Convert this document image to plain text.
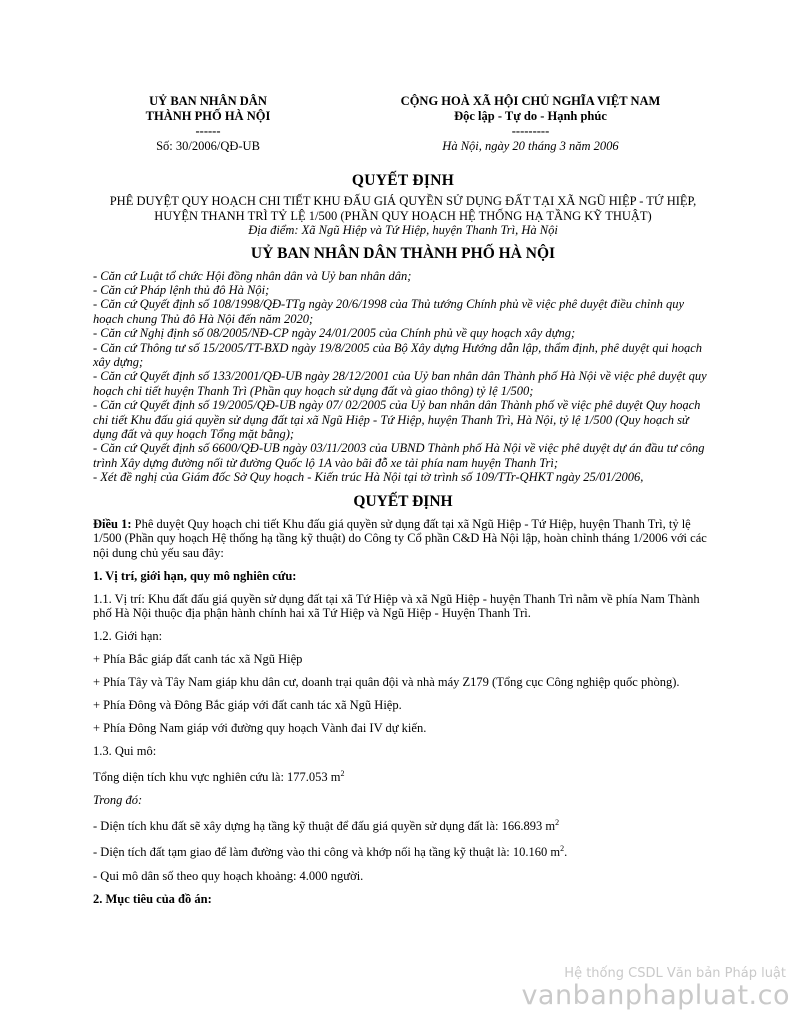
UỶ BAN NHÂN DÂN
THÀNH PHỐ HÀ NỘI
------
Số: 30/2006/QĐ-UB
CỘNG HOÀ XÃ HỘI CHỦ NGHĨA VIỆT NAM
Độc lập - Tự do - Hạnh phúc
---------
Hà Nội, ngày 20 tháng 3 năm 2006
QUYẾT ĐỊNH
PHÊ DUYỆT QUY HOẠCH CHI TIẾT KHU ĐẤU GIÁ QUYỀN SỬ DỤNG ĐẤT TẠI XÃ NGŨ HIỆP - TỨ HIỆP, HUYỆN THANH TRÌ TỶ LỆ 1/500 (PHẦN QUY HOẠCH HỆ THỐNG HẠ TẦNG KỸ THUẬT)
Địa điểm: Xã Ngũ Hiệp và Tứ Hiệp, huyện Thanh Trì, Hà Nội
UỶ BAN NHÂN DÂN THÀNH PHỐ HÀ NỘI
- Căn cứ Luật tổ chức Hội đồng nhân dân và Uỷ ban nhân dân;
- Căn cứ Pháp lệnh thủ đô Hà Nội;
- Căn cứ Quyết định số 108/1998/QĐ-TTg ngày 20/6/1998 của Thủ tướng Chính phủ về việc phê duyệt điều chỉnh quy hoạch chung Thủ đô Hà Nội đến năm 2020;
- Căn cứ Nghị định số 08/2005/NĐ-CP ngày 24/01/2005 của Chính phủ về quy hoạch xây dựng;
- Căn cứ Thông tư số 15/2005/TT-BXD ngày 19/8/2005 của Bộ Xây dựng Hướng dẫn lập, thẩm định, phê duyệt qui hoạch xây dựng;
- Căn cứ Quyết định số 133/2001/QĐ-UB ngày 28/12/2001 của Uỷ ban nhân dân Thành phố Hà Nội về việc phê duyệt quy hoạch chi tiết huyện Thanh Trì (Phần quy hoạch sử dụng đất và giao thông) tỷ lệ 1/500;
- Căn cứ Quyết định số 19/2005/QĐ-UB ngày 07/ 02/2005 của Uỷ ban nhân dân Thành phố về việc phê duyệt Quy hoạch chi tiết Khu đấu giá quyền sử dụng đất tại xã Ngũ Hiệp - Tứ Hiệp, huyện Thanh Trì, Hà Nội, tỷ lệ 1/500 (Quy hoạch sử dụng đất và quy hoạch Tổng mặt bằng);
- Căn cứ Quyết định số 6600/QĐ-UB ngày 03/11/2003 của UBND Thành phố Hà Nội về việc phê duyệt dự án đầu tư công trình Xây dựng đường nối từ đường Quốc lộ 1A vào bãi đỗ xe tải phía nam huyện Thanh Trì;
- Xét đề nghị của Giám đốc Sở Quy hoạch - Kiến trúc Hà Nội tại tờ trình số 109/TTr-QHKT ngày 25/01/2006,
QUYẾT ĐỊNH

Điều 1: Phê duyệt Quy hoạch chi tiết Khu đấu giá quyền sử dụng đất tại xã Ngũ Hiệp - Tứ Hiệp, huyện Thanh Trì, tỷ lệ 1/500 (Phần quy hoạch Hệ thống hạ tầng kỹ thuật) do Công ty Cổ phần C&D Hà Nội lập, hoàn chỉnh tháng 1/2006 với các nội dung chủ yếu sau đây:

1. Vị trí, giới hạn, quy mô nghiên cứu:

1.1. Vị trí: Khu đất đấu giá quyền sử dụng đất tại xã Tứ Hiệp và xã Ngũ Hiệp - huyện Thanh Trì nằm về phía Nam Thành phố Hà Nội thuộc địa phận hành chính hai xã Tứ Hiệp và Ngũ Hiệp - Huyện Thanh Trì.

1.2. Giới hạn:

+ Phía Bắc giáp đất canh tác xã Ngũ Hiệp

+ Phía Tây và Tây Nam giáp khu dân cư, doanh trại quân đội và nhà máy Z179 (Tổng cục Công nghiệp quốc phòng).

+ Phía Đông và Đông Bắc giáp với đất canh tác xã Ngũ Hiệp.

+ Phía Đông Nam giáp với đường quy hoạch Vành đai IV dự kiến.

1.3. Qui mô:

Tổng diện tích khu vực nghiên cứu là: 177.053 $m^2$

Trong đó:

- Diện tích khu đất sẽ xây dựng hạ tầng kỹ thuật để đấu giá quyền sử dụng đất là: 166.893 $m^2$

- Diện tích đất tạm giao để làm đường vào thi công và khớp nối hạ tầng kỹ thuật là: 10.160 $m^2$.

- Qui mô dân số theo quy hoạch khoảng: 4.000 người.

2. Mục tiêu của đồ án:

Hệ thống CSDL Văn bản Pháp luật
vanbanphapluat.co
